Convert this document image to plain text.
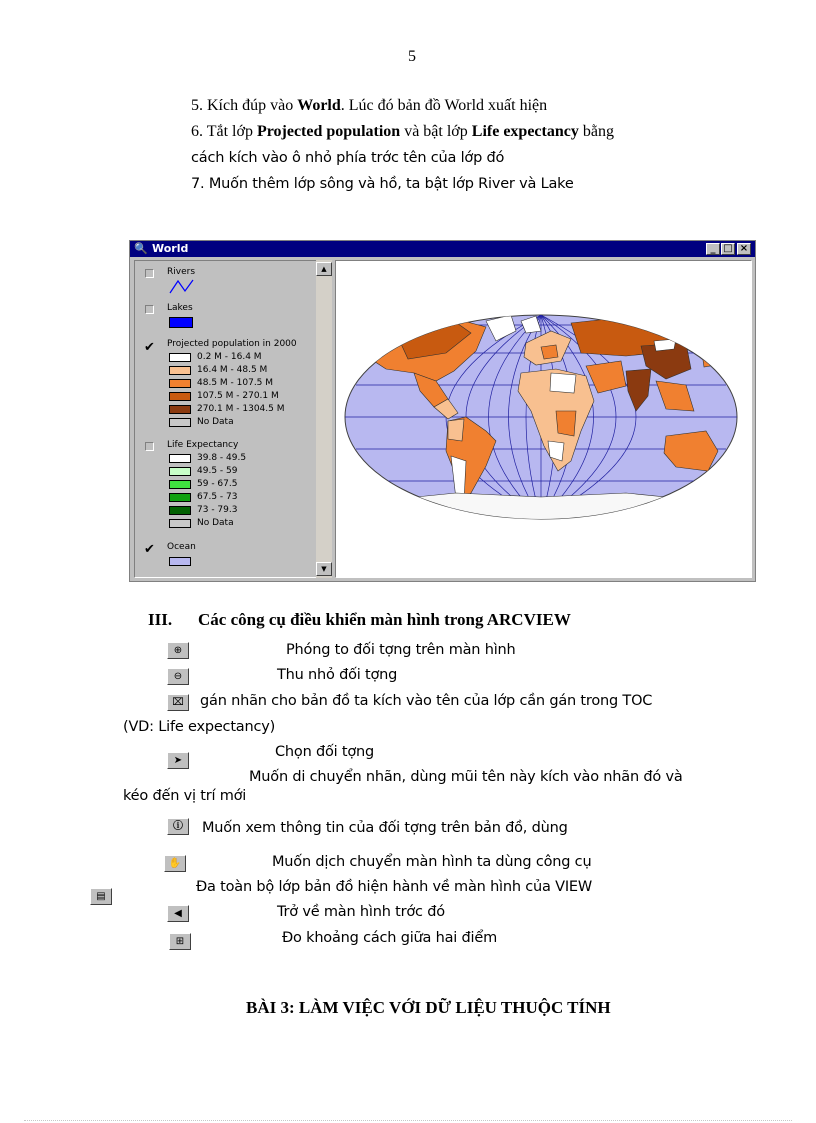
5
5. Kích đúp vào World. Lúc đó bản đồ World xuất hiện
6. Tắt lớp Projected population và bật lớp Life expectancy bằng
cách kích vào ô nhỏ phía trớc tên của lớp đó
7. Muốn thêm lớp sông và hồ, ta bật lớp River và Lake
🔍 World	_ □ ×
Rivers
Lakes
✔ Projected population in 2000
0.2 M - 16.4 M
16.4 M - 48.5 M
48.5 M - 107.5 M
107.5 M - 270.1 M
270.1 M - 1304.5 M
No Data
Life Expectancy
39.8 - 49.5
49.5 - 59
59 - 67.5
67.5 - 73
73 - 79.3
No Data
✔ Ocean
▲
▼
III. Các công cụ điều khiển màn hình trong ARCVIEW
⊕	Phóng to đối tợng trên màn hình
⊖	Thu nhỏ đối tợng
⌧	gán nhãn cho bản đồ ta kích vào tên của lớp cần gán trong TOC
(VD: Life expectancy)
➤
Chọn đối tợng
Muốn di chuyển nhãn, dùng mũi tên này kích vào nhãn đó và
kéo đến vị trí mới
ⓘ	Muốn xem thông tin của đối tợng trên bản đồ, dùng
✋	Muốn dịch chuyển màn hình ta dùng công cụ
▤
Đa toàn bộ lớp bản đồ hiện hành về màn hình của VIEW
◀	Trở về màn hình trớc đó
⊞	Đo khoảng cách giữa hai điểm
BÀI 3: LÀM VIỆC VỚI DỮ LIỆU THUỘC TÍNH
